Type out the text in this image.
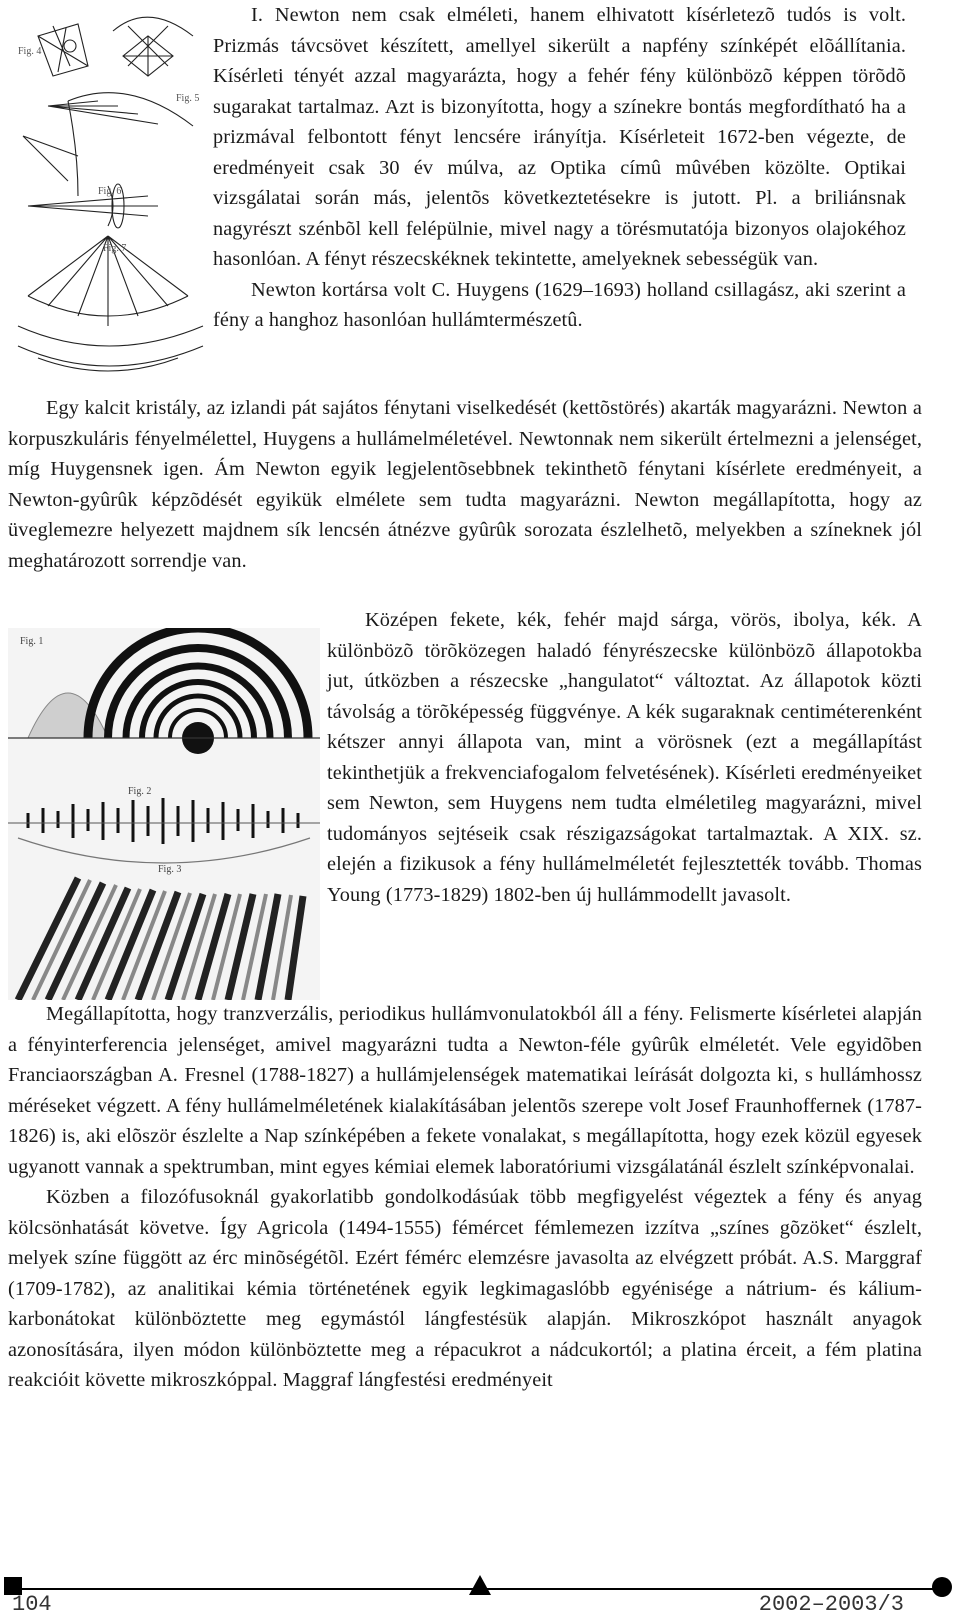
Fig. 4
Fig. 5
Fig. 6
Fig. 7

I. Newton nem csak elméleti, hanem elhivatott kísérletezõ tudós is volt. Prizmás távcsövet készített, amellyel sikerült a napfény színképét elõállítania. Kísérleti tényét azzal magyarázta, hogy a fehér fény különbözõ képpen törõdõ sugarakat tartalmaz. Azt is bizonyította, hogy a színekre bontás megfordítható ha a prizmával felbontott fényt lencsére irányítja. Kísérleteit 1672-ben végezte, de eredményeit csak 30 év múlva, az Optika címû mûvében közölte. Optikai vizsgálatai során más, jelentõs következtetésekre is jutott. Pl. a briliánsnak nagyrészt szénbõl kell felépülnie, mivel nagy a törésmutatója bizonyos olajokéhoz hasonlóan. A fényt részecskéknek tekintette, amelyeknek sebességük van.

Newton kortársa volt C. Huygens (1629–1693) holland csillagász, aki szerint a fény a hanghoz hasonlóan hullámtermészetû.

Egy kalcit kristály, az izlandi pát sajátos fénytani viselkedését (kettõstörés) akarták magyarázni. Newton a korpuszkuláris fényelmélettel, Huygens a hullámelméletével. Newtonnak nem sikerült értelmezni a jelenséget, míg Huygensnek igen. Ám Newton egyik legjelentõsebbnek tekinthetõ fénytani kísérlete eredményeit, a Newton-gyûrûk képzõdését egyikük elmélete sem tudta magyarázni. Newton megállapította, hogy az üveglemezre helyezett majdnem sík lencsén átnézve gyûrûk sorozata észlelhetõ, melyekben a színeknek jól meghatározott sorrendje van.

Fig. 1
Fig. 2
Fig. 3

Középen fekete, kék, fehér majd sárga, vörös, ibolya, kék. A különbözõ törõközegen haladó fényrészecske különbözõ állapotokba jut, útközben a részecske „hangulatot“ változtat. Az állapotok közti távolság a törõképesség függvénye. A kék sugaraknak centiméterenként kétszer annyi állapota van, mint a vörösnek (ezt a megállapítást tekinthetjük a frekvenciafogalom felvetésének). Kísérleti eredményeiket sem Newton, sem Huygens nem tudta elméletileg magyarázni, mivel tudományos sejtéseik csak részigazságokat tartalmaztak. A XIX. sz. elején a fizikusok a fény hullámelméletét fejlesztették tovább. Thomas Young (1773-1829) 1802-ben új hullámmodellt javasolt.

Megállapította, hogy tranzverzális, periodikus hullámvonulatokból áll a fény. Felismerte kísérletei alapján a fényinterferencia jelenséget, amivel magyarázni tudta a Newton-féle gyûrûk elméletét. Vele egyidõben Franciaországban A. Fresnel (1788-1827) a hullámjelenségek matematikai leírását dolgozta ki, s hullámhossz méréseket végzett. A fény hullámelméletének kialakításában jelentõs szerepe volt Josef Fraunhoffernek (1787-1826) is, aki elõször észlelte a Nap színképében a fekete vonalakat, s megállapította, hogy ezek közül egyesek ugyanott vannak a spektrumban, mint egyes kémiai elemek laboratóriumi vizsgálatánál észlelt színképvonalai.

Közben a filozófusoknál gyakorlatibb gondolkodásúak több megfigyelést végeztek a fény és anyag kölcsönhatását követve. Így Agricola (1494-1555) fémércet fémlemezen izzítva „színes gõzöket“ észlelt, melyek színe függött az érc minõségétõl. Ezért fémérc elemzésre javasolta az elvégzett próbát. A.S. Marggraf (1709-1782), az analitikai kémia történetének egyik legkimagaslóbb egyénisége a nátrium- és kálium-karbonátokat különböztette meg egymástól lángfestésük alapján. Mikroszkópot használt anyagok azonosítására, ilyen módon különböztette meg a répacukrot a nádcukortól; a platina érceit, a fém platina reakcióit követte mikroszkóppal. Maggraf lángfestési eredményeit

104	2002–2003/3
